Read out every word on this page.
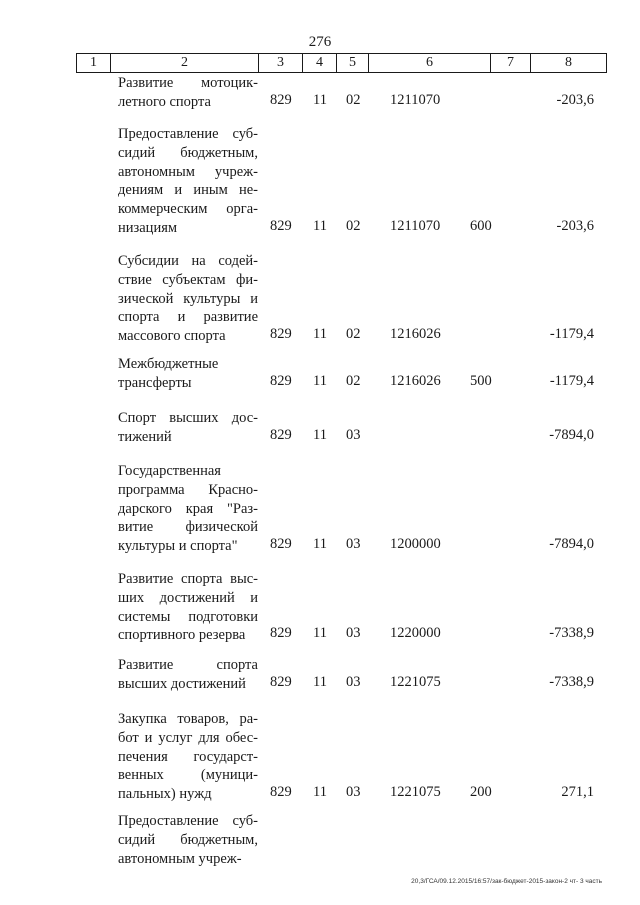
276
1	2	3	4	5	6	7	8
Развитие мотоцик-
летного спорта	829 11 02 1211070	-203,6
Предоставление суб-
сидий бюджетным,
автономным учреж-
дениям и иным не-
коммерческим орга-
низациям	829 11 02 1211070 600	-203,6
Субсидии на содей-
ствие субъектам фи-
зической культуры и
спорта и развитие
массового спорта	829 11 02 1216026	-1179,4
Межбюджетные
трансферты	829 11 02 1216026 500	-1179,4
Спорт высших дос-
тижений	829 11 03	-7894,0
Государственная
программа Красно-
дарского края "Раз-
витие физической
культуры и спорта"	829 11 03 1200000	-7894,0
Развитие спорта выс-
ших достижений и
системы подготовки
спортивного резерва	829 11 03 1220000	-7338,9
Развитие спорта
высших достижений	829 11 03 1221075	-7338,9
Закупка товаров, ра-
бот и услуг для обес-
печения государст-
венных (муници-
пальных) нужд	829 11 03 1221075 200	271,1
Предоставление суб-
сидий бюджетным,
автономным учреж-
20,3/ГСА/09.12.2015/16:57/зак-бюджет-2015-закон-2 чт- 3 часть
